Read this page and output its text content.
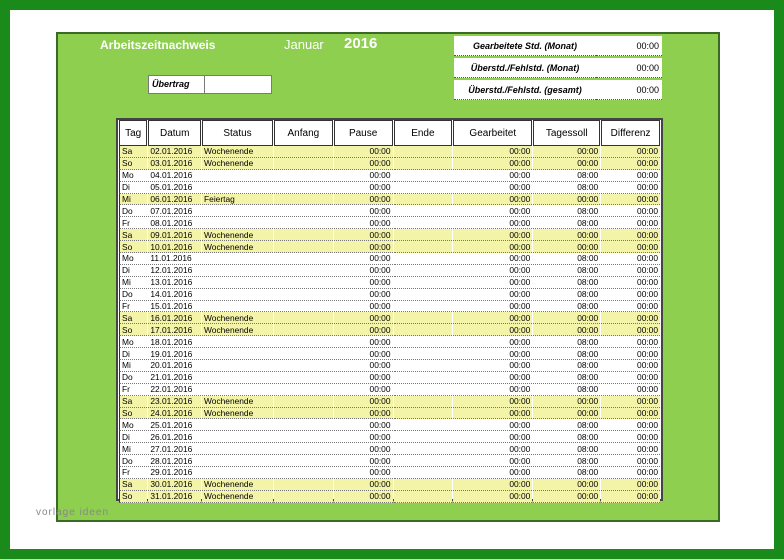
Arbeitszeitnachweis	Januar 2016	Gearbeitete Std. (Monat)	00:00

Überstd./Fehlstd. (Monat)	00:00

Überstd./Fehlstd. (gesamt)	00:00
Übertrag
Tag	Datum	Status	Anfang	Pause	Ende	Gearbeitet	Tagessoll	Differenz
Sa	02.01.2016	Wochenende		00:00		00:00	00:00	00:00
So	03.01.2016	Wochenende		00:00		00:00	00:00	00:00
Mo	04.01.2016			00:00		00:00	08:00	00:00
Di	05.01.2016			00:00		00:00	08:00	00:00
Mi	06.01.2016	Feiertag		00:00		00:00	00:00	00:00
Do	07.01.2016			00:00		00:00	08:00	00:00
Fr	08.01.2016			00:00		00:00	08:00	00:00
Sa	09.01.2016	Wochenende		00:00		00:00	00:00	00:00
So	10.01.2016	Wochenende		00:00		00:00	00:00	00:00
Mo	11.01.2016			00:00		00:00	08:00	00:00
Di	12.01.2016			00:00		00:00	08:00	00:00
Mi	13.01.2016			00:00		00:00	08:00	00:00
Do	14.01.2016			00:00		00:00	08:00	00:00
Fr	15.01.2016			00:00		00:00	08:00	00:00
Sa	16.01.2016	Wochenende		00:00		00:00	00:00	00:00
So	17.01.2016	Wochenende		00:00		00:00	00:00	00:00
Mo	18.01.2016			00:00		00:00	08:00	00:00
Di	19.01.2016			00:00		00:00	08:00	00:00
Mi	20.01.2016			00:00		00:00	08:00	00:00
Do	21.01.2016			00:00		00:00	08:00	00:00
Fr	22.01.2016			00:00		00:00	08:00	00:00
Sa	23.01.2016	Wochenende		00:00		00:00	00:00	00:00
So	24.01.2016	Wochenende		00:00		00:00	00:00	00:00
Mo	25.01.2016			00:00		00:00	08:00	00:00
Di	26.01.2016			00:00		00:00	08:00	00:00
Mi	27.01.2016			00:00		00:00	08:00	00:00
Do	28.01.2016			00:00		00:00	08:00	00:00
Fr	29.01.2016			00:00		00:00	08:00	00:00
Sa	30.01.2016	Wochenende		00:00		00:00	00:00	00:00
So	31.01.2016	Wochenende		00:00		00:00	00:00	00:00
vorlage ideen
